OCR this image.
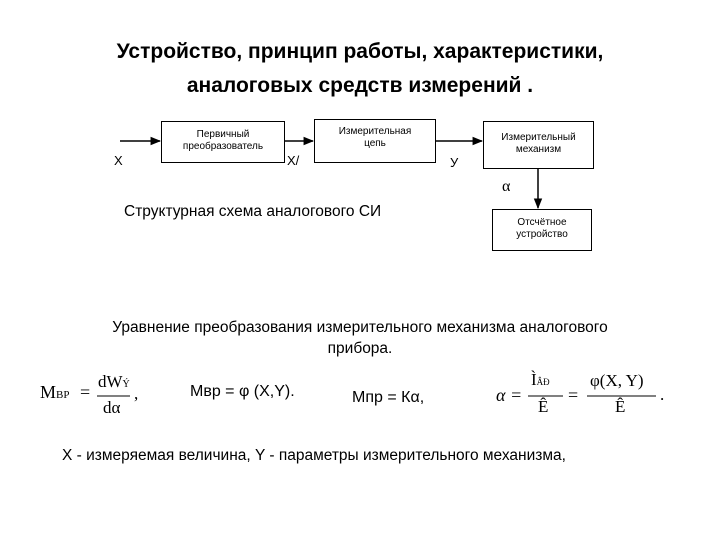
Устройство, принцип работы, характеристики,
аналоговых средств измерений .
X
Первичный
преобразователь
X/
Измерительная
цепь
У
Измерительный
механизм
α
Отсчётное
устройство
Структурная схема аналогового СИ
Уравнение преобразования измерительного механизма аналогового
прибора.
MBP =
dWÝ
dα
,	Мвр = φ (X,Y).	Мпр = Кα,	α =
ÌÂÐ
Ê
=
φ(X, Y)
Ê
.
X - измеряемая величина, Y - параметры измерительного механизма,
